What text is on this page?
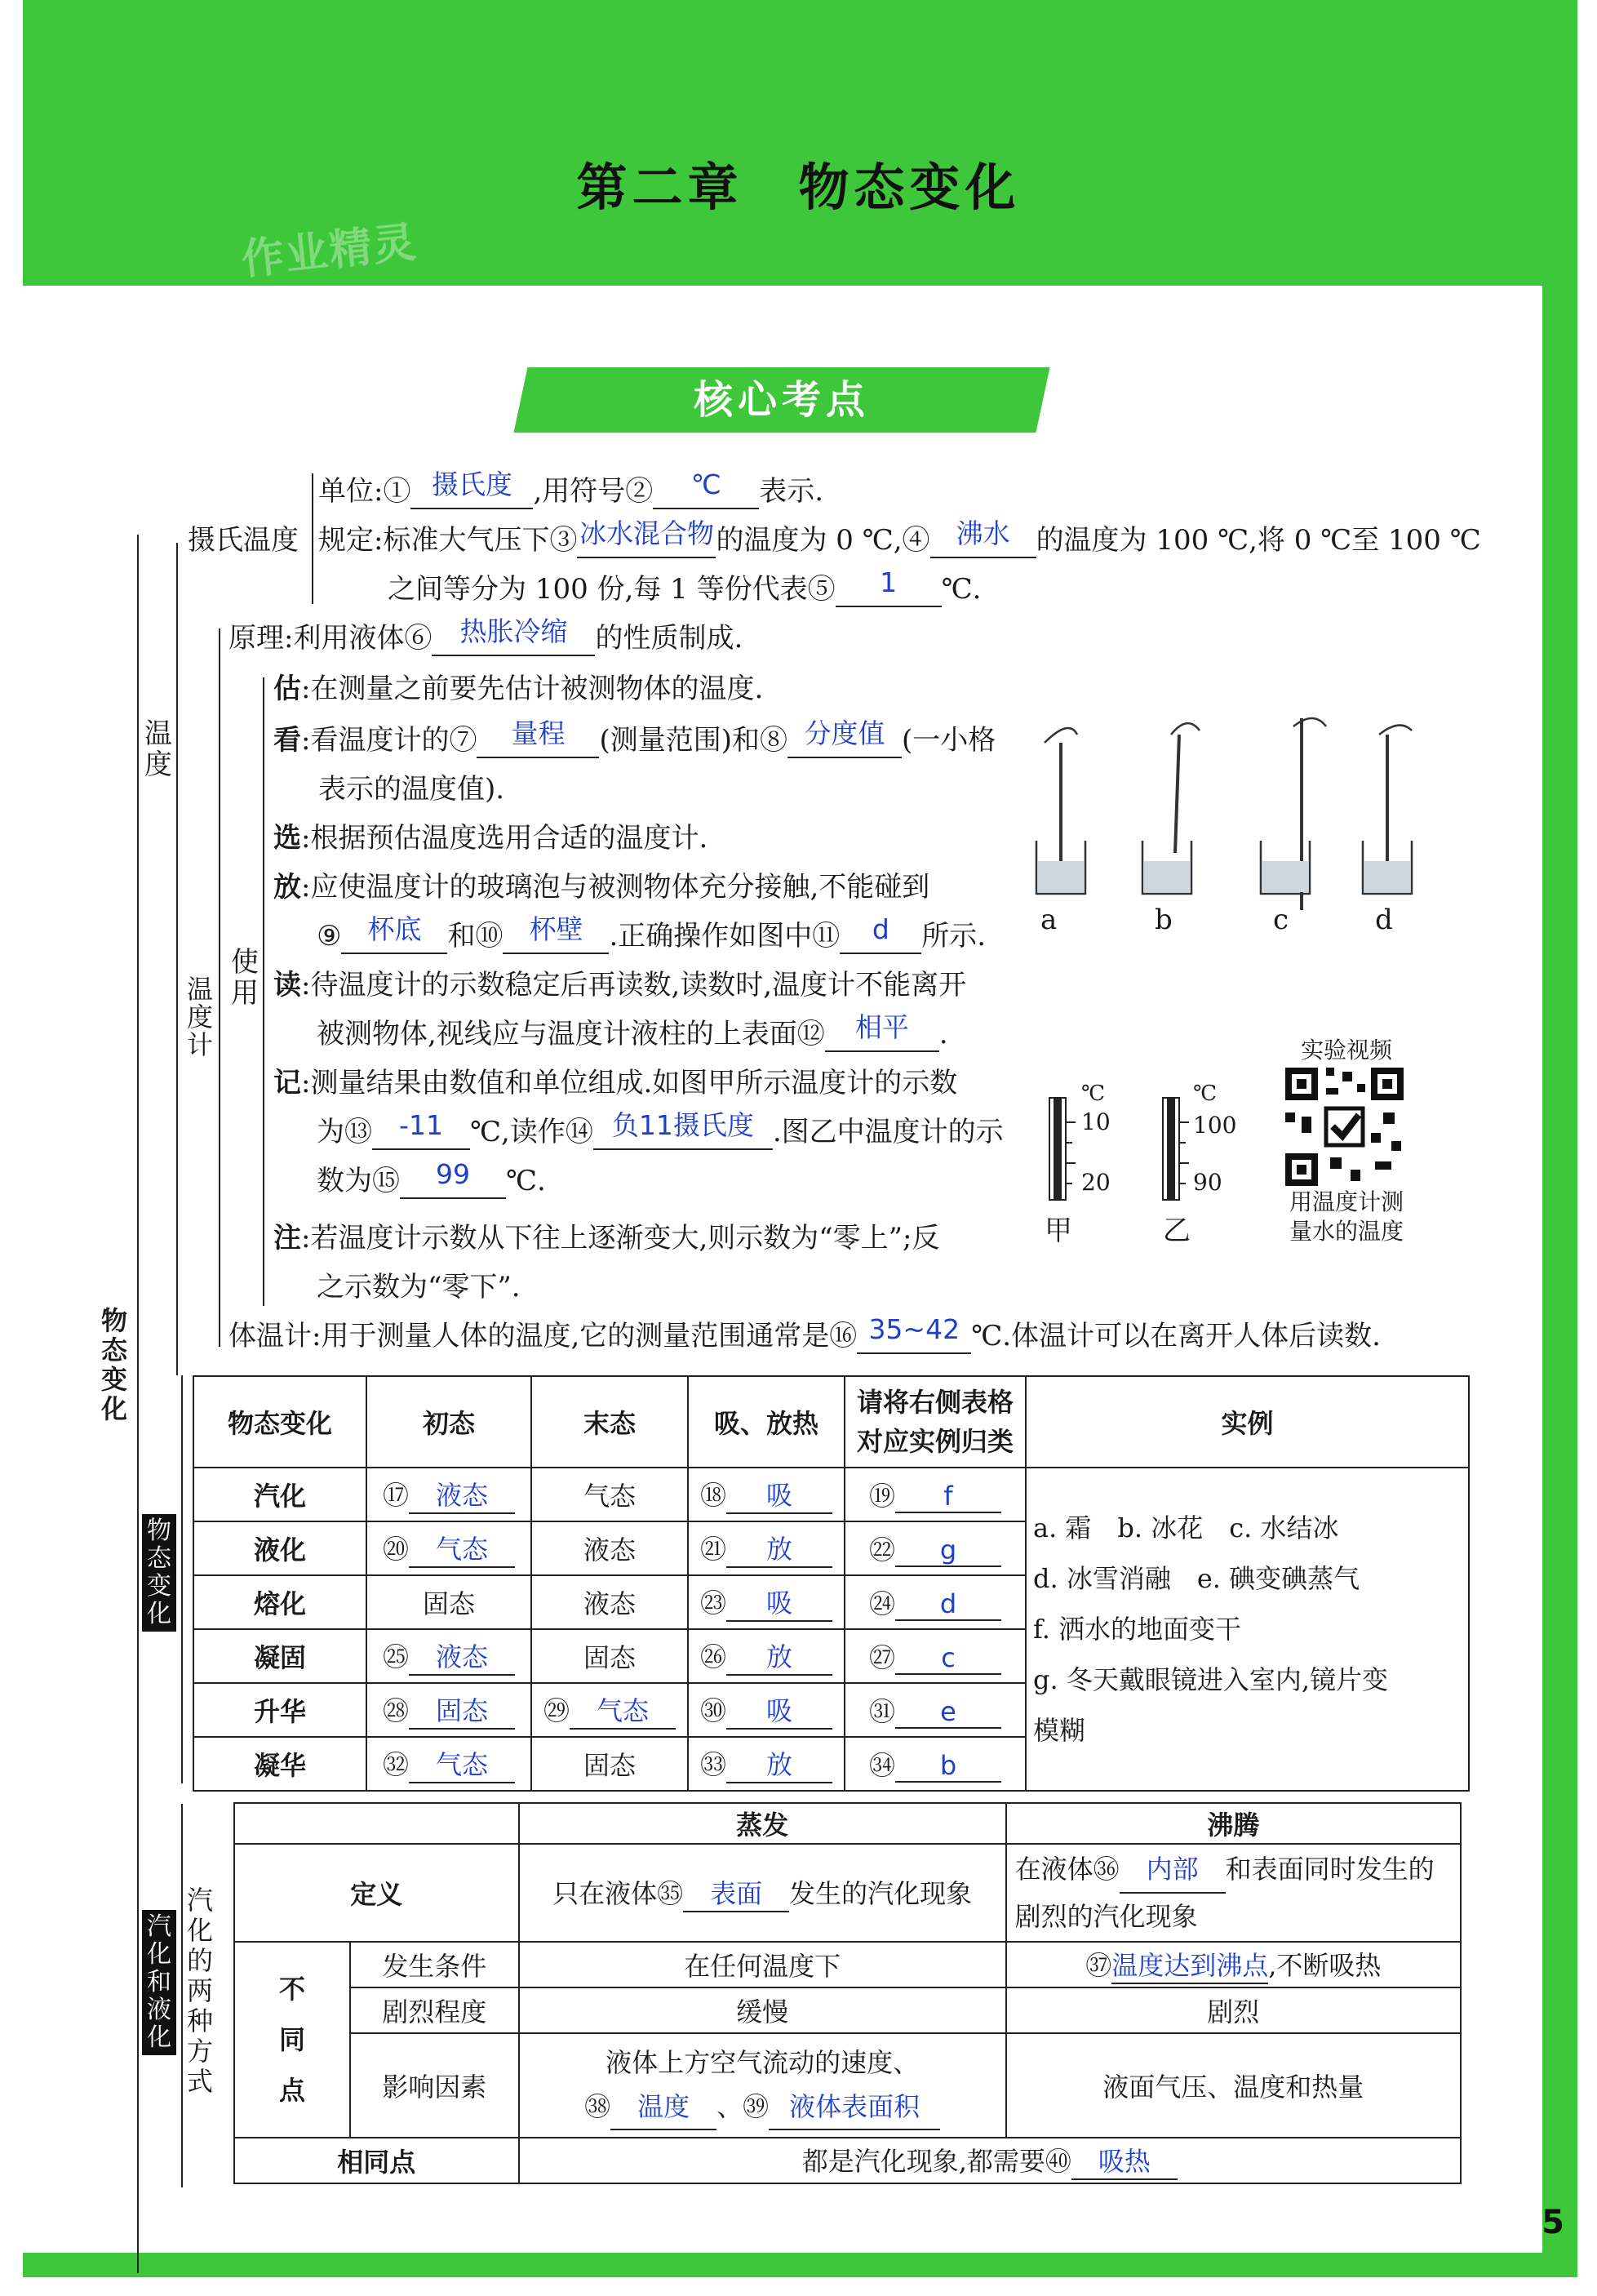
第二章　物态变化
作业精灵
核心考点
物态变化
温度
温度计
使用
摄氏温度
单位:① 摄氏度 ,用符号②	℃	表示.
规定:标准大气压下③ 冰水混合物 的温度为 0 ℃,④ 沸水 的温度为 100 ℃,将 0 ℃至 100 ℃
之间等分为 100 份,每 1 等份代表⑤	1	℃.
原理:利用液体⑥	热胀冷缩	的性质制成.
估:在测量之前要先估计被测物体的温度.
看:看温度计的⑦	量程	(测量范围)和⑧ 分度值 (一小格
表示的温度值).
选:根据预估温度选用合适的温度计.
放:应使温度计的玻璃泡与被测物体充分接触,不能碰到
⑨ 杯底 和⑩ 杯壁 .正确操作如图中⑪	d	所示.
读:待温度计的示数稳定后再读数,读数时,温度计不能离开
被测物体,视线应与温度计液柱的上表面⑫	相平	.
记:测量结果由数值和单位组成.如图甲所示温度计的示数
为⑬	-11 ℃,读作⑭ 负11摄氏度 .图乙中温度计的示
数为⑮	99	℃.
注:若温度计示数从下往上逐渐变大,则示数为“零上”;反
之示数为“零下”.
体温计:用于测量人体的温度,它的测量范围通常是⑯ 35~42 ℃.体温计可以在离开人体后读数.
a	b	c	d
℃
10
20
甲
℃
100
90
乙
实验视频
用温度计测
量水的温度
物态变化
物态变化	初态	末态	吸、放热	请将右侧表格
对应实例归类	实例
汽化	⑰ 液态	气态	⑱ 吸	⑲ f	a. 霜　b. 冰花　c. 水结冰
d. 冰雪消融　e. 碘变碘蒸气
f. 洒水的地面变干
g. 冬天戴眼镜进入室内,镜片变
模糊

液化	⑳ 气态	液态	㉑ 放	㉒ g	
熔化	固态	液态	㉓ 吸	㉔ d	
凝固	㉕ 液态	固态	㉖ 放	㉗ c	
升华	㉘ 固态	㉙ 气态	㉚ 吸	㉛ e	
凝华	㉜ 气态	固态	㉝ 放	㉞ b	
汽化和液化
汽化的两种方式
		蒸发	沸腾
定义		只在液体㉟ 表面 发生的汽化现象	在液体㊱ 内部 和表面同时发生的
剧烈的汽化现象

不
同
点	发生条件	在任何温度下	㊲温度达到沸点,不断吸热
	剧烈程度	缓慢	剧烈
	影响因素	液体上方空气流动的速度、
㊳ 温度 、㊴ 液体表面积	液面气压、温度和热量
相同点		都是汽化现象,都需要㊵ 吸热	
5
